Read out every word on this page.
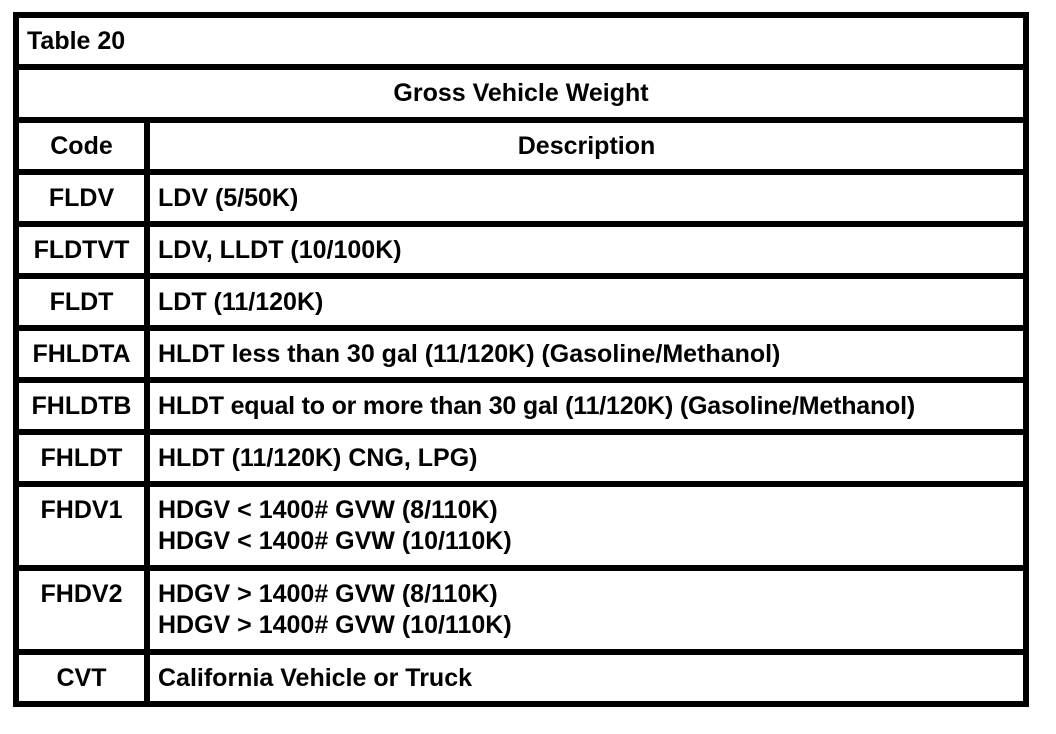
Table 20
Gross Vehicle Weight
Code	Description
FLDV	LDV (5/50K)
FLDTVT	LDV, LLDT (10/100K)
FLDT	LDT (11/120K)
FHLDTA	HLDT less than 30 gal (11/120K) (Gasoline/Methanol)
FHLDTB	HLDT equal to or more than 30 gal (11/120K) (Gasoline/Methanol)
FHLDT	HLDT (11/120K) CNG, LPG)
FHDV1	HDGV < 1400# GVW (8/110K)
HDGV < 1400# GVW (10/110K)
FHDV2	HDGV > 1400# GVW (8/110K)
HDGV > 1400# GVW (10/110K)
CVT	California Vehicle or Truck
